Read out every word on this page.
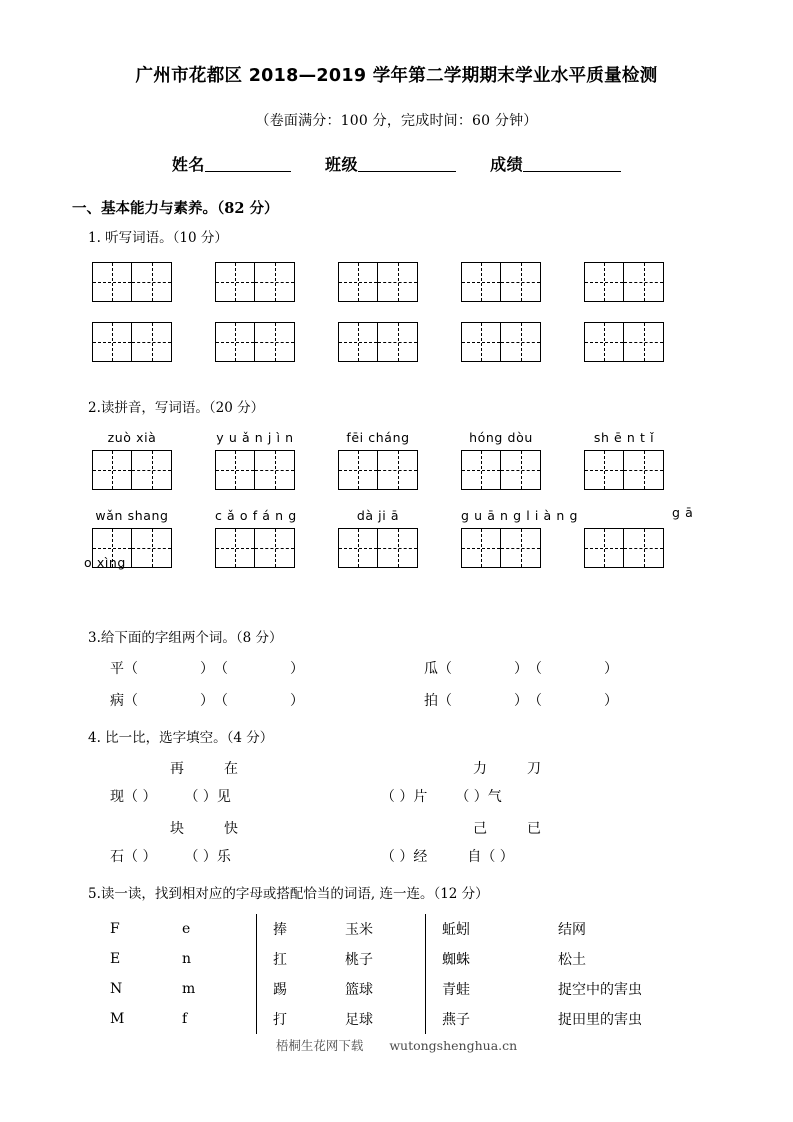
广州市花都区 2018—2019 学年第二学期期末学业水平质量检测

（卷面满分：100 分，完成时间：60 分钟）

姓名	班级	成绩

一、基本能力与素养。（82 分）

1. 听写词语。（10 分）

2.读拼音，写词语。（20 分）

zuò xià	y u ǎ n j ì n	fēi cháng	hóng dòu	sh ē n t ǐ
wǎn shang	c ǎ o f á n g	dà ji ā	g u ā n g l i à n g	g ā
o xìng

3.给下面的字组两个词。（8 分）

平（	）（	）	瓜（	）（	）
病（	）（	）	拍（	）（	）

4. 比一比，选字填空。（4 分）

再	在	力	刀
现（ ） （ ）见	（ ）片 （ ）气
块	快	己	已
石（ ） （ ）乐	（ ）经	自（ ）

5.读一读，找到相对应的字母或搭配恰当的词语, 连一连。（12 分）

F	e		捧	玉米		蚯蚓	结网
E	n		扛	桃子		蜘蛛	松土
N	m		踢	篮球		青蛙	捉空中的害虫
M	f		打	足球		燕子	捉田里的害虫
梧桐生花网下载 wutongshenghua.cn
